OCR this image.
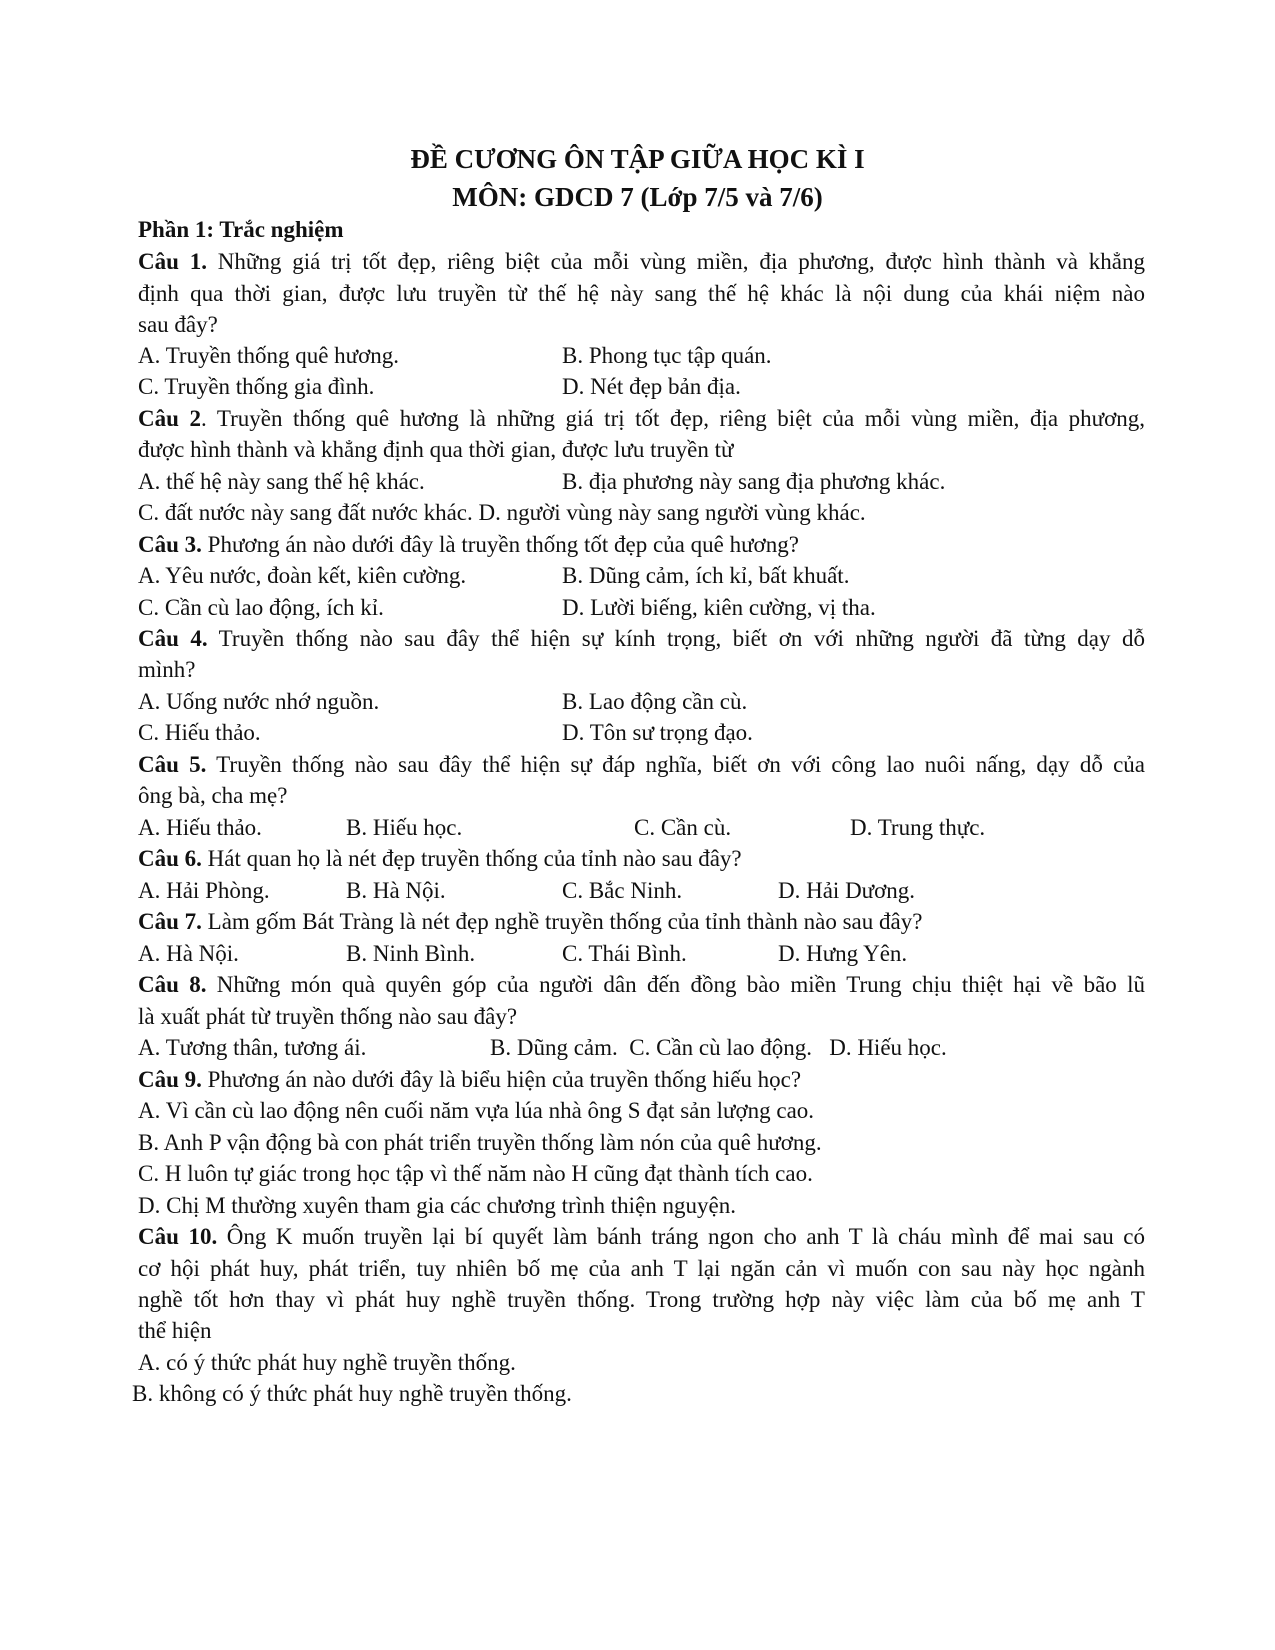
ĐỀ CƯƠNG ÔN TẬP GIỮA HỌC KÌ I
MÔN: GDCD 7 (Lớp 7/5 và 7/6)
Phần 1: Trắc nghiệm
Câu 1. Những giá trị tốt đẹp, riêng biệt của mỗi vùng miền, địa phương, được hình thành và khẳng
định qua thời gian, được lưu truyền từ thế hệ này sang thế hệ khác là nội dung của khái niệm nào
sau đây?
A. Truyền thống quê hương.	B. Phong tục tập quán.
C. Truyền thống gia đình.	D. Nét đẹp bản địa.
Câu 2. Truyền thống quê hương là những giá trị tốt đẹp, riêng biệt của mỗi vùng miền, địa phương,
được hình thành và khẳng định qua thời gian, được lưu truyền từ
A. thế hệ này sang thế hệ khác.	B. địa phương này sang địa phương khác.
C. đất nước này sang đất nước khác. D. người vùng này sang người vùng khác.
Câu 3. Phương án nào dưới đây là truyền thống tốt đẹp của quê hương?
A. Yêu nước, đoàn kết, kiên cường.	B. Dũng cảm, ích kỉ, bất khuất.
C. Cần cù lao động, ích kỉ.	D. Lười biếng, kiên cường, vị tha.
Câu 4. Truyền thống nào sau đây thể hiện sự kính trọng, biết ơn với những người đã từng dạy dỗ
mình?
A. Uống nước nhớ nguồn.	B. Lao động cần cù.
C. Hiếu thảo.	D. Tôn sư trọng đạo.
Câu 5. Truyền thống nào sau đây thể hiện sự đáp nghĩa, biết ơn với công lao nuôi nấng, dạy dỗ của
ông bà, cha mẹ?
A. Hiếu thảo.	B. Hiếu học.	C. Cần cù.	D. Trung thực.
Câu 6. Hát quan họ là nét đẹp truyền thống của tỉnh nào sau đây?
A. Hải Phòng.	B. Hà Nội.	C. Bắc Ninh.	D. Hải Dương.
Câu 7. Làm gốm Bát Tràng là nét đẹp nghề truyền thống của tỉnh thành nào sau đây?
A. Hà Nội.	B. Ninh Bình.	C. Thái Bình.	D. Hưng Yên.
Câu 8. Những món quà quyên góp của người dân đến đồng bào miền Trung chịu thiệt hại về bão lũ
là xuất phát từ truyền thống nào sau đây?
A. Tương thân, tương ái.	B. Dũng cảm.  C. Cần cù lao động.   D. Hiếu học.
Câu 9. Phương án nào dưới đây là biểu hiện của truyền thống hiếu học?
A. Vì cần cù lao động nên cuối năm vựa lúa nhà ông S đạt sản lượng cao.
B. Anh P vận động bà con phát triển truyền thống làm nón của quê hương.
C. H luôn tự giác trong học tập vì thế năm nào H cũng đạt thành tích cao.
D. Chị M thường xuyên tham gia các chương trình thiện nguyện.
Câu 10. Ông K muốn truyền lại bí quyết làm bánh tráng ngon cho anh T là cháu mình để mai sau có
cơ hội phát huy, phát triển, tuy nhiên bố mẹ của anh T lại ngăn cản vì muốn con sau này học ngành
nghề tốt hơn thay vì phát huy nghề truyền thống. Trong trường hợp này việc làm của bố mẹ anh T
thể hiện
A. có ý thức phát huy nghề truyền thống.
B. không có ý thức phát huy nghề truyền thống.
